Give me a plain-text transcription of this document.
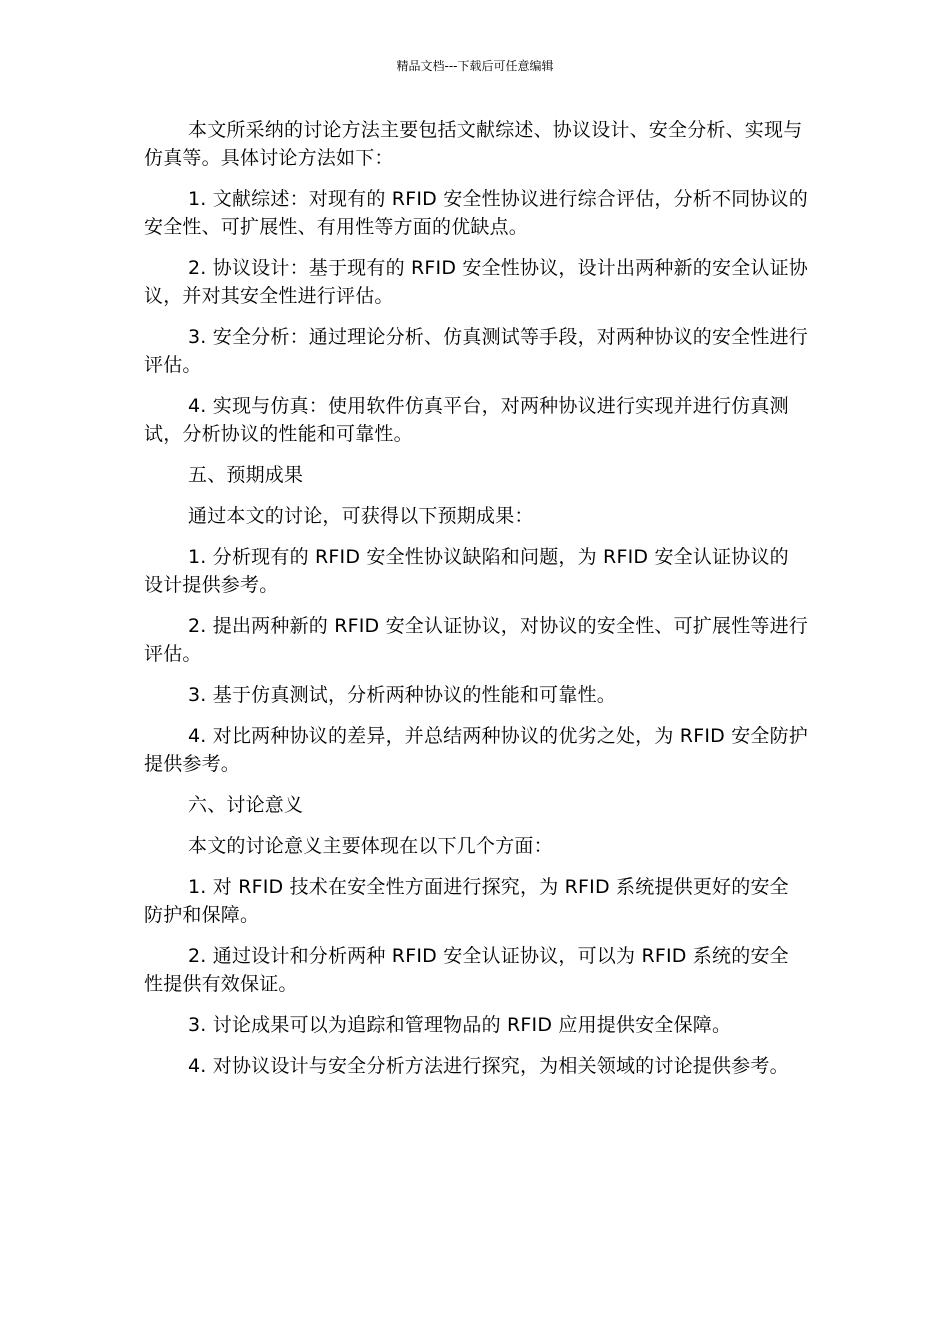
精品文档---下载后可任意编辑

本文所采纳的讨论方法主要包括文献综述、协议设计、安全分析、实现与仿真等。具体讨论方法如下：

1. 文献综述：对现有的 RFID 安全性协议进行综合评估，分析不同协议的安全性、可扩展性、有用性等方面的优缺点。

2. 协议设计：基于现有的 RFID 安全性协议，设计出两种新的安全认证协议，并对其安全性进行评估。

3. 安全分析：通过理论分析、仿真测试等手段，对两种协议的安全性进行评估。

4. 实现与仿真：使用软件仿真平台，对两种协议进行实现并进行仿真测试，分析协议的性能和可靠性。

五、预期成果

通过本文的讨论，可获得以下预期成果：

1. 分析现有的 RFID 安全性协议缺陷和问题，为 RFID 安全认证协议的设计提供参考。

2. 提出两种新的 RFID 安全认证协议，对协议的安全性、可扩展性等进行评估。

3. 基于仿真测试，分析两种协议的性能和可靠性。

4. 对比两种协议的差异，并总结两种协议的优劣之处，为 RFID 安全防护提供参考。

六、讨论意义

本文的讨论意义主要体现在以下几个方面：

1. 对 RFID 技术在安全性方面进行探究，为 RFID 系统提供更好的安全防护和保障。

2. 通过设计和分析两种 RFID 安全认证协议，可以为 RFID 系统的安全性提供有效保证。

3. 讨论成果可以为追踪和管理物品的 RFID 应用提供安全保障。

4. 对协议设计与安全分析方法进行探究，为相关领域的讨论提供参考。
